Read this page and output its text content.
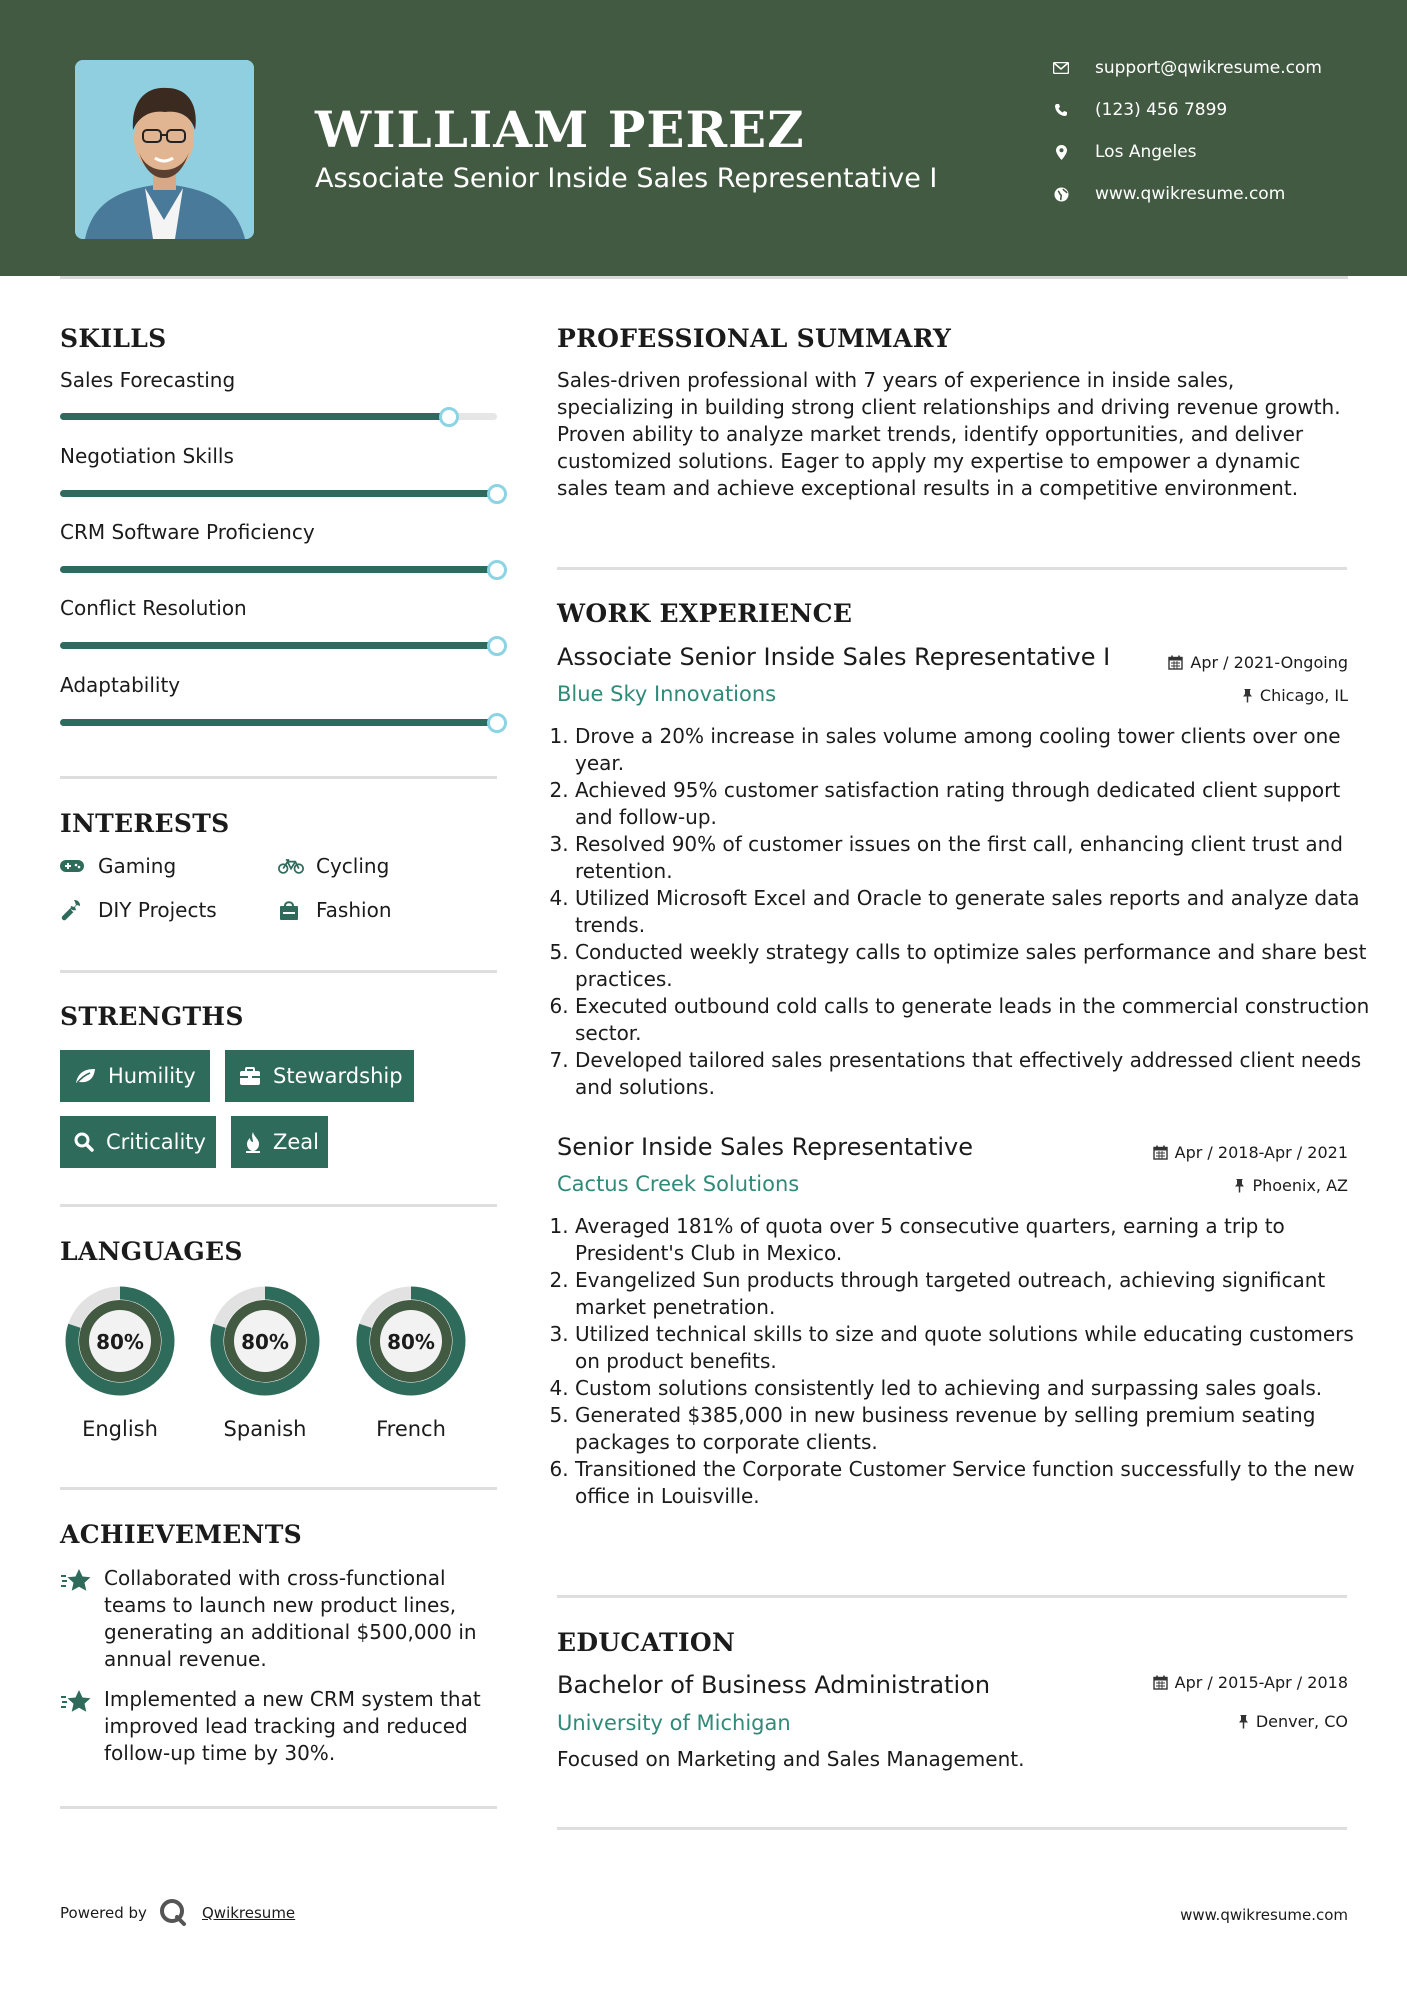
WILLIAM PEREZ
Associate Senior Inside Sales Representative I
support@qwikresume.com
(123) 456 7899
Los Angeles
www.qwikresume.com
SKILLS
Sales Forecasting
Negotiation Skills
CRM Software Proficiency
Conflict Resolution
Adaptability
INTERESTS
Gaming	Cycling
DIY Projects	Fashion
STRENGTHS
Humility	Stewardship
Criticality	Zeal
LANGUAGES
80%	80%	80%
English	Spanish	French
ACHIEVEMENTS
Collaborated with cross-functional teams to launch new product lines, generating an additional $500,000 in annual revenue.
Implemented a new CRM system that improved lead tracking and reduced follow-up time by 30%.
PROFESSIONAL SUMMARY
Sales-driven professional with 7 years of experience in inside sales, specializing in building strong client relationships and driving revenue growth. Proven ability to analyze market trends, identify opportunities, and deliver customized solutions. Eager to apply my expertise to empower a dynamic sales team and achieve exceptional results in a competitive environment.
WORK EXPERIENCE
Associate Senior Inside Sales Representative I	Apr / 2021-Ongoing
Blue Sky Innovations	Chicago, IL
1. Drove a 20% increase in sales volume among cooling tower clients over one year.
2. Achieved 95% customer satisfaction rating through dedicated client support and follow-up.
3. Resolved 90% of customer issues on the first call, enhancing client trust and retention.
4. Utilized Microsoft Excel and Oracle to generate sales reports and analyze data trends.
5. Conducted weekly strategy calls to optimize sales performance and share best practices.
6. Executed outbound cold calls to generate leads in the commercial construction sector.
7. Developed tailored sales presentations that effectively addressed client needs and solutions.
Senior Inside Sales Representative	Apr / 2018-Apr / 2021
Cactus Creek Solutions	Phoenix, AZ
1. Averaged 181% of quota over 5 consecutive quarters, earning a trip to President's Club in Mexico.
2. Evangelized Sun products through targeted outreach, achieving significant market penetration.
3. Utilized technical skills to size and quote solutions while educating customers on product benefits.
4. Custom solutions consistently led to achieving and surpassing sales goals.
5. Generated $385,000 in new business revenue by selling premium seating packages to corporate clients.
6. Transitioned the Corporate Customer Service function successfully to the new office in Louisville.
EDUCATION
Bachelor of Business Administration	Apr / 2015-Apr / 2018
University of Michigan	Denver, CO
Focused on Marketing and Sales Management.
Powered by	Qwikresume	www.qwikresume.com
